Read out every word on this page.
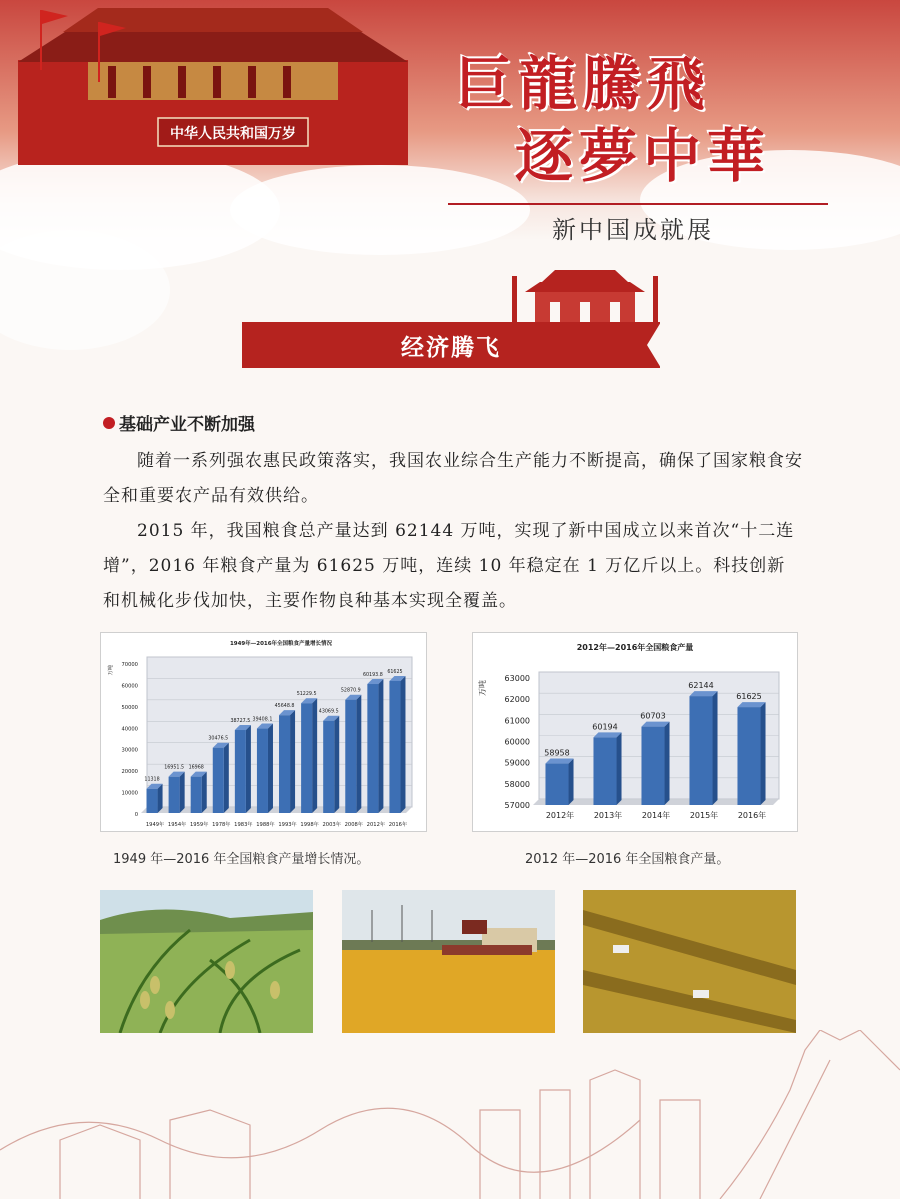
中华人民共和国万岁
巨龍騰飛
逐夢中華
新中国成就展
经济腾飞
基础产业不断加强

随着一系列强农惠民政策落实，我国农业综合生产能力不断提高，确保了国家粮食安全和重要农产品有效供给。

2015 年，我国粮食总产量达到 62144 万吨，实现了新中国成立以来首次“十二连增”，2016 年粮食产量为 61625 万吨，连续 10 年稳定在 1 万亿斤以上。科技创新和机械化步伐加快，主要作物良种基本实现全覆盖。

1949年—2016年全国粮食产量增长情况
万吨
0
10000
20000
30000
40000
50000
60000
70000
11318
1949年
16951.5
1954年
16968
1959年
30476.5
1978年
38727.5
1983年
39408.1
1988年
45648.8
1993年
51229.5
1998年
43069.5
2003年
52870.9
2008年
60193.8
2012年
61625
2016年
1949 年—2016 年全国粮食产量增长情况。
2012年—2016年全国粮食产量
万吨
57000
58000
59000
60000
61000
62000
63000
58958
2012年
60194
2013年
60703
2014年
62144
2015年
61625
2016年
2012 年—2016 年全国粮食产量。
